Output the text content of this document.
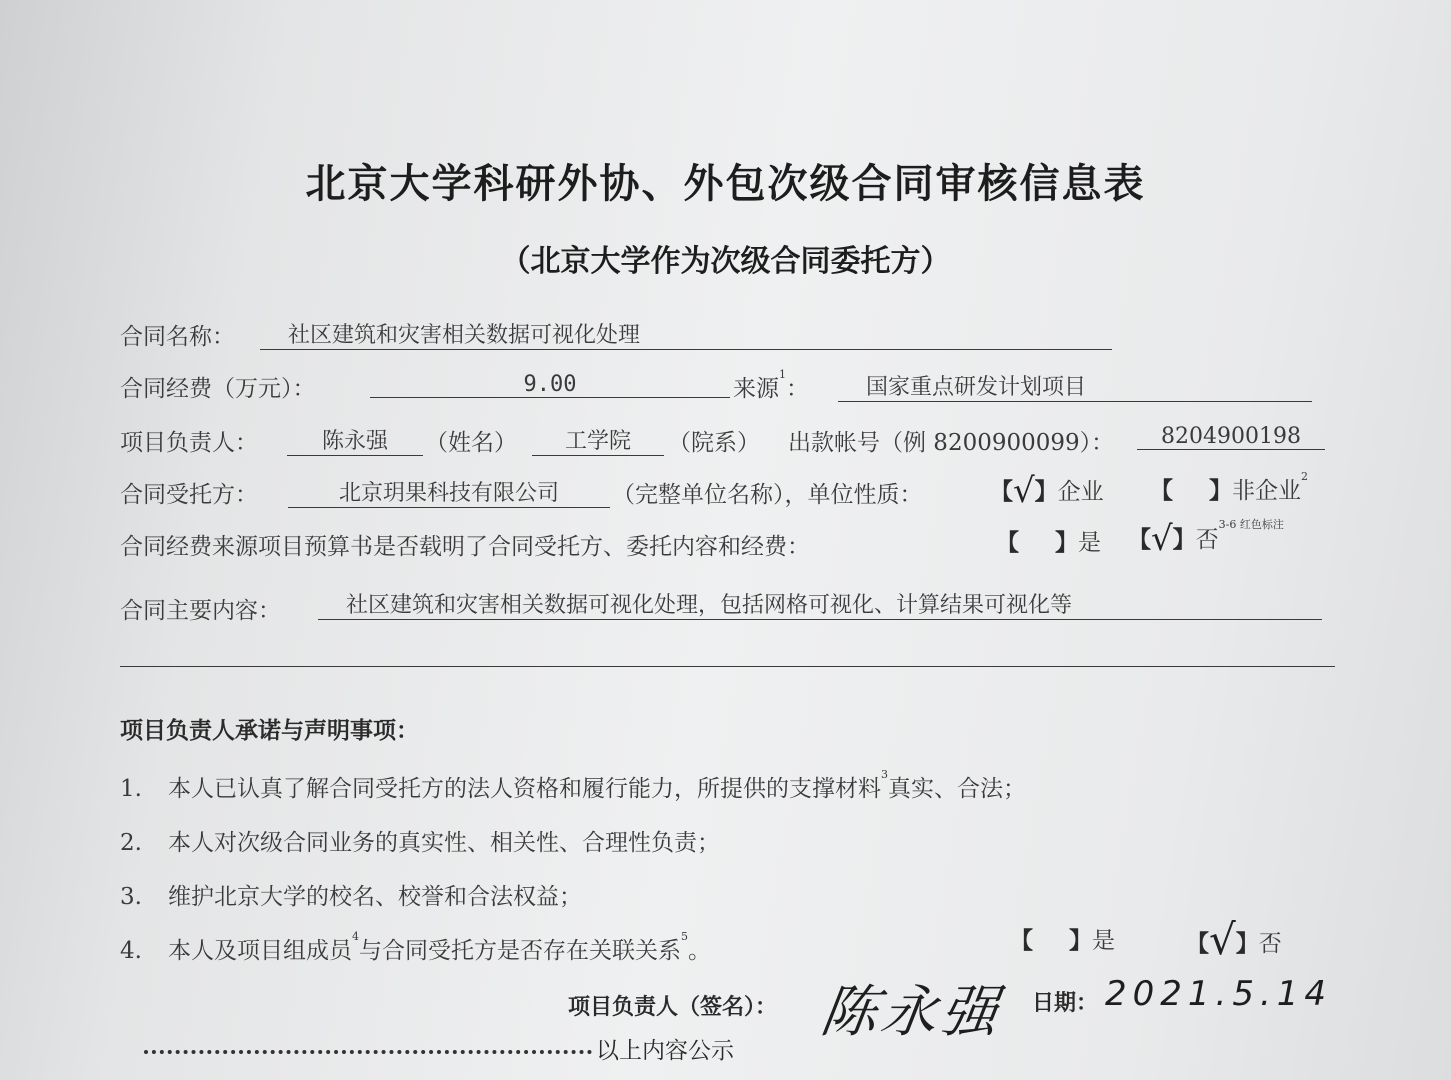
北京大学科研外协、外包次级合同审核信息表
（北京大学作为次级合同委托方）
合同名称：	社区建筑和灾害相关数据可视化处理
合同经费（万元）：	9.00	来源$^1$：	国家重点研发计划项目
项目负责人：	陈永强	（姓名）	工学院	（院系） 出款帐号（例 8200900099）：	8204900198
合同受托方：	北京玥果科技有限公司	（完整单位名称），单位性质：	【√】企业 【 】非企业$^2$
合同经费来源项目预算书是否载明了合同受托方、委托内容和经费：	【 】是 【√】否$^{3-6 红色标注}$
合同主要内容：	社区建筑和灾害相关数据可视化处理，包括网格可视化、计算结果可视化等
项目负责人承诺与声明事项：
1. 本人已认真了解合同受托方的法人资格和履行能力，所提供的支撑材料$^3$真实、合法；
2. 本人对次级合同业务的真实性、相关性、合理性负责；
3. 维护北京大学的校名、校誉和合法权益；
4. 本人及项目组成员$^4$与合同受托方是否存在关联关系$^5$。	【 】是	【√】否
项目负责人（签名）： 陈永强 日期： 2021.5.14
以上内容公示
